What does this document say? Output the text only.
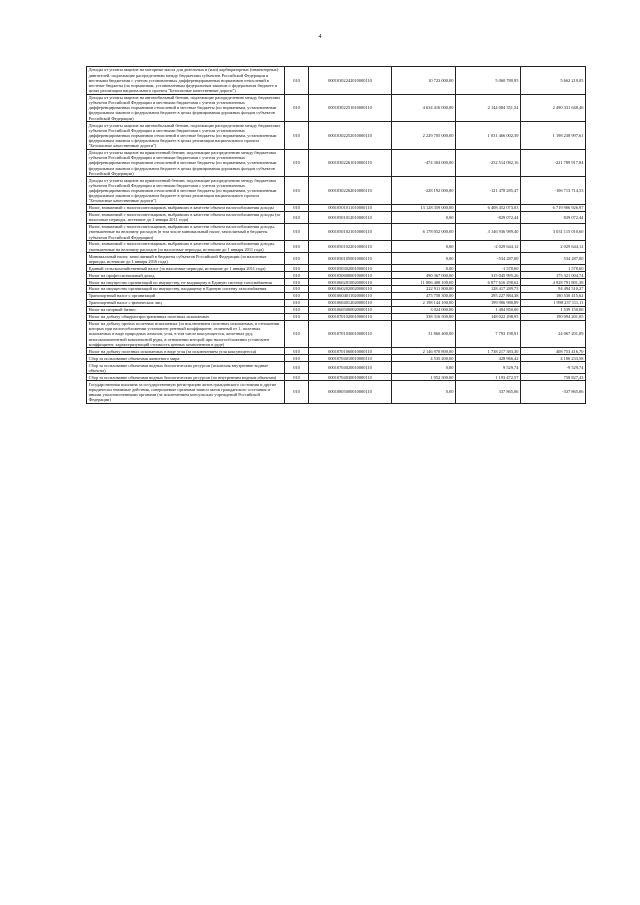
4
Доходы от уплаты акцизов на моторные масла для дизельных и (или) карбюраторных (инжекторных) двигателей, подлежащие распределению между бюджетами субъектов Российской Федерации и местными бюджетами с учетом установленных дифференцированных нормативов отчислений в местные бюджеты (по нормативам, установленным федеральным законом о федеральном бюджете в целях реализации национального проекта "Безопасные качественные дороги")	010	00010302242010000110	10 723 000,00	5 060 780,95	5 662 219,05
Доходы от уплаты акцизов на автомобильный бензин, подлежащие распределению между бюджетами субъектов Российской Федерации и местными бюджетами с учетом установленных дифференцированных нормативов отчислений в местные бюджеты (по нормативам, установленным федеральным законом о федеральном бюджете в целях формирования дорожных фондов субъектов Российской Федерации)	010	00010302251010000110	4 634 416 000,00	2 144 084 351,54	2 490 331 648,46
Доходы от уплаты акцизов на автомобильный бензин, подлежащие распределению между бюджетами субъектов Российской Федерации и местными бюджетами с учетом установленных дифференцированных нормативов отчислений в местные бюджеты (по нормативам, установленным федеральным законом о федеральном бюджете в целях реализации национального проекта "Безопасные качественные дороги")	010	00010302252010000110	2 229 705 000,00	1 031 466 002,39	1 198 238 997,61
Доходы от уплаты акцизов на прямогонный бензин, подлежащие распределению между бюджетами субъектов Российской Федерации и местными бюджетами с учетом установленных дифференцированных нормативов отчислений в местные бюджеты (по нормативам, установленным федеральным законом о федеральном бюджете в целях формирования дорожных фондов субъектов Российской Федерации)	010	00010302261010000110	-474 304 000,00	-252 514 082,16	-221 789 917,84
Доходы от уплаты акцизов на прямогонный бензин, подлежащие распределению между бюджетами субъектов Российской Федерации и местными бюджетами с учетом установленных дифференцированных нормативов отчислений в местные бюджеты (по нормативам, установленным федеральным законом о федеральном бюджете в целях реализации национального проекта "Безопасные качественные дороги")	010	00010302262010000110	-228 192 000,00	-121 478 285,47	-106 713 714,53
Налог, взимаемый с налогоплательщиков, выбравших в качестве объекта налогообложения доходы	010	00010501011010000110	13 128 359 000,00	6 408 452 073,03	6 719 906 926,97
Налог, взимаемый с налогоплательщиков, выбравших в качестве объекта налогообложения доходы (за налоговые периоды, истекшие до 1 января 2011 года)	010	00010501012010000110	0,00	-829 072,44	829 072,44
Налог, взимаемый с налогоплательщиков, выбравших в качестве объекта налогообложения доходы, уменьшенные на величину расходов (в том числе минимальный налог, зачисляемый в бюджеты субъектов Российской Федерации)	010	00010501021010000110	6 178 052 000,00	3 146 936 989,40	3 031 115 010,60
Налог, взимаемый с налогоплательщиков, выбравших в качестве объекта налогообложения доходы, уменьшенные на величину расходов (за налоговые периоды, истекшие до 1 января 2011 года)	010	00010501022010000110	0,00	-2 029 644,12	2 029 644,12
Минимальный налог, зачисляемый в бюджеты субъектов Российской Федерации (за налоговые периоды, истекшие до 1 января 2016 года)	010	00010501050010000110	0,00	-534 287,00	534 287,00
Единый сельскохозяйственный налог (за налоговые периоды, истекшие до 1 января 2011 года)	010	00010503020010000110	0,00	-1 578,60	1 578,60
Налог на профессиональный доход	010	00010506000010000110	490 367 000,00	315 045 995,26	175 321 004,74
Налог на имущество организаций по имуществу, не входящему в Единую систему газоснабжения	010	00010602010020000110	11 806 408 100,00	6 877 616 298,62	4 928 791 801,38
Налог на имущество организаций по имуществу, входящему в Единую систему газоснабжения	010	00010602020020000110	222 911 800,00	128 417 289,73	94 494 510,27
Транспортный налог с организаций	010	00010604011020000110	475 758 300,00	295 227 884,38	180 530 415,62
Транспортный налог с физических лиц	010	00010604012020000110	2 198 144 100,00	199 906 988,89	1 998 237 111,11
Налог на игорный бизнес	010	00010605000020000110	3 024 000,00	1 484 850,00	1 539 150,00
Налог на добычу общераспространенных полезных ископаемых	010	00010701020010000110	338 316 500,00	148 022 298,95	190 094 201,05
Налог на добычу прочих полезных ископаемых (за исключением полезных ископаемых, в отношении которых при налогообложении установлен рентный коэффициент, отличный от 1, полезных ископаемых в виде природных алмазов, угля, в том числе коксующегося, железных руд, многокомпонентной комплексной руды, в отношении которой при налогообложении установлен коэффициент, характеризующий стоимость ценных компонентов в руде)	010	00010701030010000110	31 860 400,00	7 793 198,91	24 067 201,09
Налог на добычу полезных ископаемых в виде угля (за исключением угля коксующегося)	010	00010701060010000110	2 146 970 800,00	1 738 217 383,30	408 753 416,70
Сбор за пользование объектами животного мира	010	00010704010010000110	4 535 200,00	428 966,42	4 106 233,58
Сбор за пользование объектами водных биологических ресурсов (исключая внутренние водные объекты)	010	00010704020010000110	0,00	9 529,74	-9 529,74
Сбор за пользование объектами водных биологических ресурсов (по внутренним водным объектам)	010	00010704030010000110	1 952 300,00	1 193 472,57	758 827,43
Государственная пошлина за государственную регистрацию актов гражданского состояния и другие юридически значимые действия, совершаемые органами записи актов гражданского состояния и иными уполномоченными органами (за исключением консульских учреждений Российской Федерации)	010	00010805000010000110	0,00	337 865,06	-337 865,06
